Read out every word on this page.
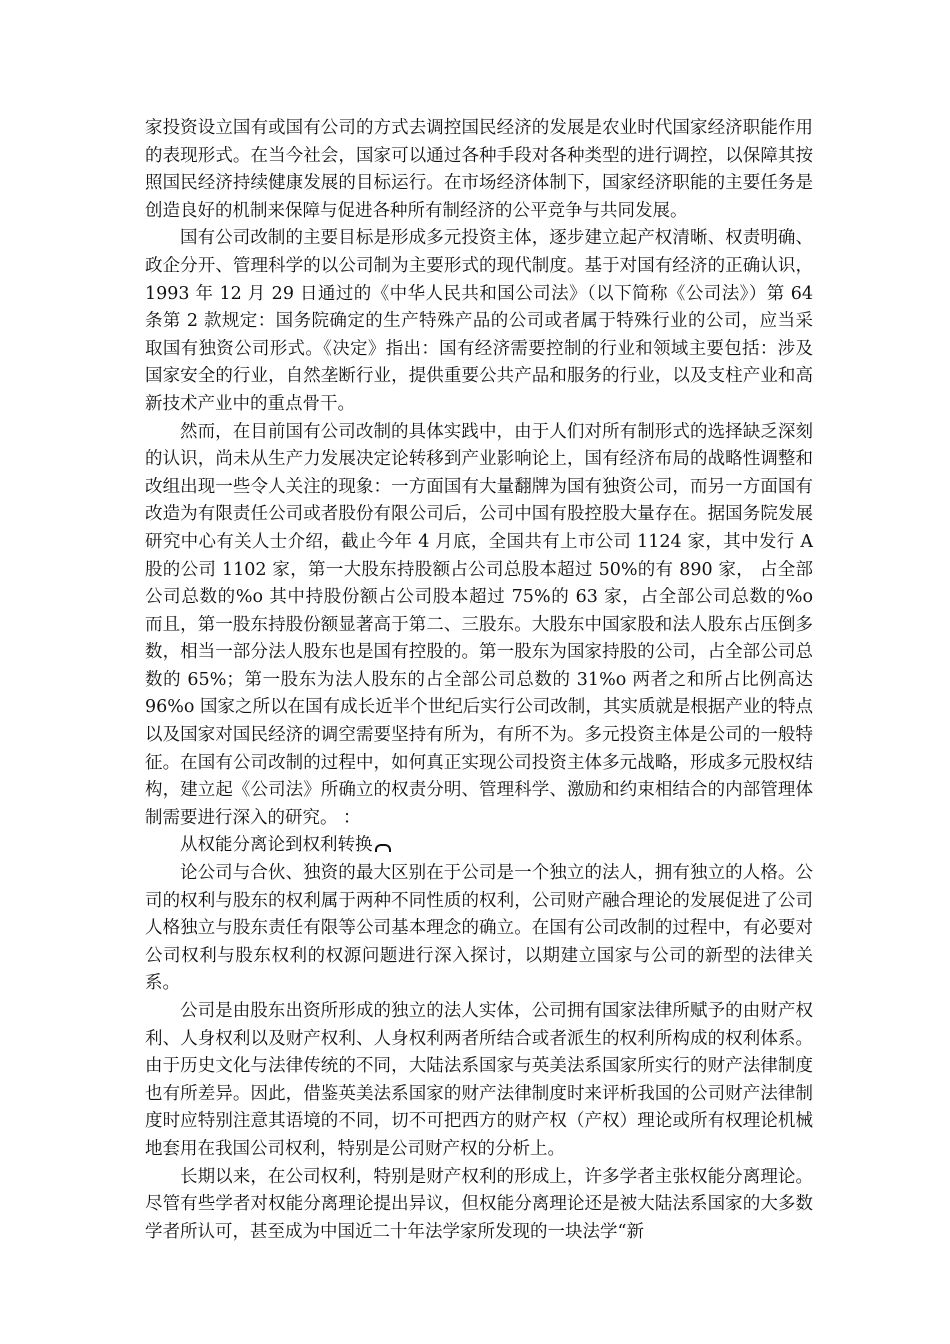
家投资设立国有或国有公司的方式去调控国民经济的发展是农业时代国家经济职能作用的表现形式。在当今社会，国家可以通过各种手段对各种类型的进行调控，以保障其按照国民经济持续健康发展的目标运行。在市场经济体制下，国家经济职能的主要任务是创造良好的机制来保障与促进各种所有制经济的公平竞争与共同发展。

国有公司改制的主要目标是形成多元投资主体，逐步建立起产权清晰、权责明确、政企分开、管理科学的以公司制为主要形式的现代制度。基于对国有经济的正确认识，1993 年 12 月 29 日通过的《中华人民共和国公司法》（以下简称《公司法》）第 64 条第 2 款规定：国务院确定的生产特殊产品的公司或者属于特殊行业的公司，应当采取国有独资公司形式。《决定》指出：国有经济需要控制的行业和领域主要包括：涉及国家安全的行业，自然垄断行业，提供重要公共产品和服务的行业，以及支柱产业和高新技术产业中的重点骨干。

然而，在目前国有公司改制的具体实践中，由于人们对所有制形式的选择缺乏深刻的认识，尚未从生产力发展决定论转移到产业影响论上，国有经济布局的战略性调整和改组出现一些令人关注的现象：一方面国有大量翻牌为国有独资公司，而另一方面国有改造为有限责任公司或者股份有限公司后，公司中国有股控股大量存在。据国务院发展研究中心有关人士介绍，截止今年 4 月底，全国共有上市公司 1124 家，其中发行 A 股的公司 1102 家，第一大股东持股额占公司总股本超过 50%的有 890 家， 占全部公司总数的%o 其中持股份额占公司股本超过 75%的 63 家，占全部公司总数的%o 而且，第一股东持股份额显著高于第二、三股东。大股东中国家股和法人股东占压倒多数，相当一部分法人股东也是国有控股的。第一股东为国家持股的公司，占全部公司总数的 65%；第一股东为法人股东的占全部公司总数的 31%o 两者之和所占比例高达 96%o 国家之所以在国有成长近半个世纪后实行公司改制，其实质就是根据产业的特点以及国家对国民经济的调空需要坚持有所为，有所不为。多元投资主体是公司的一般特征。在国有公司改制的过程中，如何真正实现公司投资主体多元战略，形成多元股权结构，建立起《公司法》所确立的权责分明、管理科学、激励和约束相结合的内部管理体制需要进行深入的研究。 ：

从权能分离论到权利转换

论公司与合伙、独资的最大区别在于公司是一个独立的法人，拥有独立的人格。公司的权利与股东的权利属于两种不同性质的权利，公司财产融合理论的发展促进了公司人格独立与股东责任有限等公司基本理念的确立。在国有公司改制的过程中，有必要对公司权利与股东权利的权源问题进行深入探讨，以期建立国家与公司的新型的法律关系。

公司是由股东出资所形成的独立的法人实体，公司拥有国家法律所赋予的由财产权利、人身权利以及财产权利、人身权利两者所结合或者派生的权利所构成的权利体系。由于历史文化与法律传统的不同，大陆法系国家与英美法系国家所实行的财产法律制度也有所差异。因此，借鉴英美法系国家的财产法律制度时来评析我国的公司财产法律制度时应特别注意其语境的不同，切不可把西方的财产权（产权）理论或所有权理论机械地套用在我国公司权利，特别是公司财产权的分析上。

长期以来，在公司权利，特别是财产权利的形成上，许多学者主张权能分离理论。尽管有些学者对权能分离理论提出异议，但权能分离理论还是被大陆法系国家的大多数学者所认可，甚至成为中国近二十年法学家所发现的一块法学“新
